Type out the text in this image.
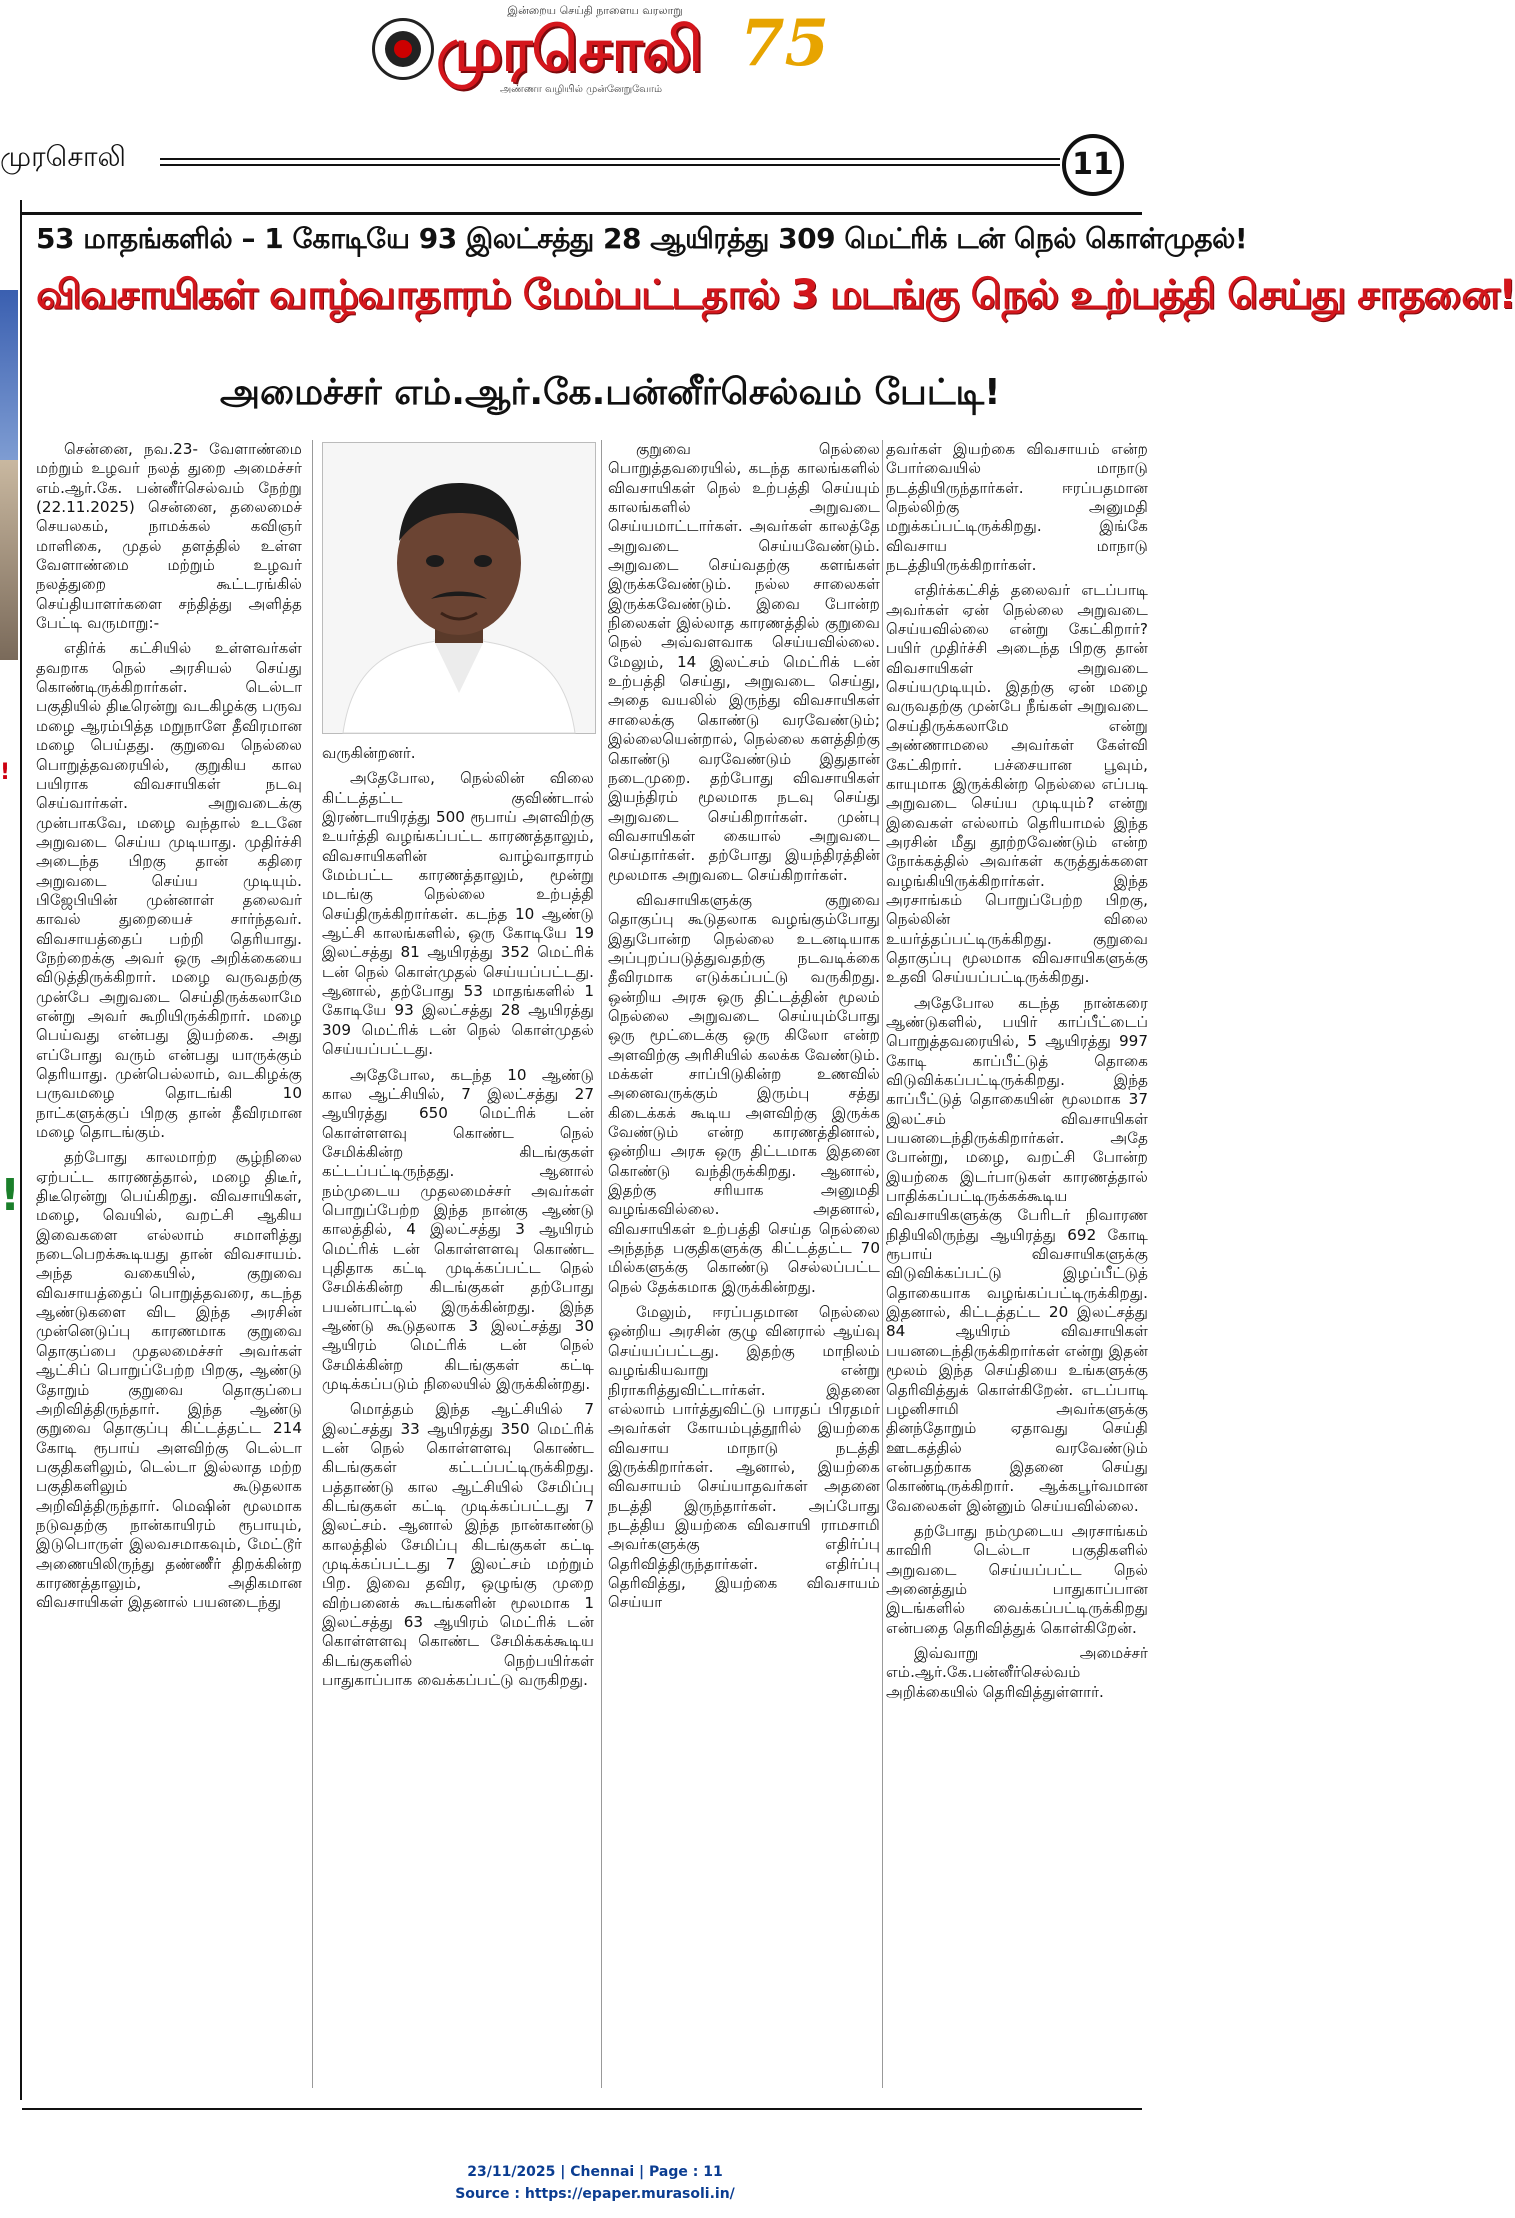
இன்றைய செய்தி நாளைய வரலாறு
முரசொலி
அண்ணா வழியில் முன்னேறுவோம்
75
முரசொலி	11
!
!
53 மாதங்களில் – 1 கோடியே 93 இலட்சத்து 28 ஆயிரத்து 309 மெட்ரிக் டன் நெல் கொள்முதல்!
விவசாயிகள் வாழ்வாதாரம் மேம்பட்டதால் 3 மடங்கு நெல் உற்பத்தி செய்து சாதனை!
அமைச்சர் எம்.ஆர்.கே.பன்னீர்செல்வம் பேட்டி!

சென்னை, நவ.23- வேளாண்மை மற்றும் உழவர் நலத் துறை அமைச்சர் எம்.ஆர்.கே. பன்னீர்செல்வம் நேற்று (22.11.2025) சென்னை, தலைமைச் செயலகம், நாமக்கல் கவிஞர் மாளிகை, முதல் தளத்தில் உள்ள வேளாண்மை மற்றும் உழவர் நலத்துறை கூட்டரங்கில் செய்தியாளர்களை சந்தித்து அளித்த பேட்டி வருமாறு:-

எதிர்க் கட்சியில் உள்ளவர்கள் தவறாக நெல் அரசியல் செய்து கொண்டிருக்கிறார்கள். டெல்டா பகுதியில் திடீரென்று வடகிழக்கு பருவ மழை ஆரம்பித்த மறுநாளே தீவிரமான மழை பெய்தது. குறுவை நெல்லை பொறுத்தவரையில், குறுகிய கால பயிராக விவசாயிகள் நடவு செய்வார்கள். அறுவடைக்கு முன்பாகவே, மழை வந்தால் உடனே அறுவடை செய்ய முடியாது. முதிர்ச்சி அடைந்த பிறகு தான் கதிரை அறுவடை செய்ய முடியும். பிஜேபியின் முன்னாள் தலைவர் காவல் துறையைச் சார்ந்தவர். விவசாயத்தைப் பற்றி தெரியாது. நேற்றைக்கு அவர் ஒரு அறிக்கையை விடுத்திருக்கிறார். மழை வருவதற்கு முன்பே அறுவடை செய்திருக்கலாமே என்று அவர் கூறியிருக்கிறார். மழை பெய்வது என்பது இயற்கை. அது எப்போது வரும் என்பது யாருக்கும் தெரியாது. முன்பெல்லாம், வடகிழக்கு பருவமழை தொடங்கி 10 நாட்களுக்குப் பிறகு தான் தீவிரமான மழை தொடங்கும்.

தற்போது காலமாற்ற சூழ்நிலை ஏற்பட்ட காரணத்தால், மழை திடீர், திடீரென்று பெய்கிறது. விவசாயிகள், மழை, வெயில், வறட்சி ஆகிய இவைகளை எல்லாம் சமாளித்து நடைபெறக்கூடியது தான் விவசாயம். அந்த வகையில், குறுவை விவசாயத்தைப் பொறுத்தவரை, கடந்த ஆண்டுகளை விட இந்த அரசின் முன்னெடுப்பு காரணமாக குறுவை தொகுப்பை முதலமைச்சர் அவர்கள் ஆட்சிப் பொறுப்பேற்ற பிறகு, ஆண்டு தோறும் குறுவை தொகுப்பை அறிவித்திருந்தார். இந்த ஆண்டு குறுவை தொகுப்பு கிட்டத்தட்ட 214 கோடி ரூபாய் அளவிற்கு டெல்டா பகுதிகளிலும், டெல்டா இல்லாத மற்ற பகுதிகளிலும் கூடுதலாக அறிவித்திருந்தார். மெஷின் மூலமாக நடுவதற்கு நான்காயிரம் ரூபாயும், இடுபொருள் இலவசமாகவும், மேட்டூர் அணையிலிருந்து தண்ணீர் திறக்கின்ற காரணத்தாலும், அதிகமான விவசாயிகள் இதனால் பயனடைந்து

வருகின்றனர்.

அதேபோல, நெல்லின் விலை கிட்டத்தட்ட குவிண்டால் இரண்டாயிரத்து 500 ரூபாய் அளவிற்கு உயர்த்தி வழங்கப்பட்ட காரணத்தாலும், விவசாயிகளின் வாழ்வாதாரம் மேம்பட்ட காரணத்தாலும், மூன்று மடங்கு நெல்லை உற்பத்தி செய்திருக்கிறார்கள். கடந்த 10 ஆண்டு ஆட்சி காலங்களில், ஒரு கோடியே 19 இலட்சத்து 81 ஆயிரத்து 352 மெட்ரிக் டன் நெல் கொள்முதல் செய்யப்பட்டது. ஆனால், தற்போது 53 மாதங்களில் 1 கோடியே 93 இலட்சத்து 28 ஆயிரத்து 309 மெட்ரிக் டன் நெல் கொள்முதல் செய்யப்பட்டது.

அதேபோல, கடந்த 10 ஆண்டு கால ஆட்சியில், 7 இலட்சத்து 27 ஆயிரத்து 650 மெட்ரிக் டன் கொள்ளளவு கொண்ட நெல் சேமிக்கின்ற கிடங்குகள் கட்டப்பட்டிருந்தது. ஆனால் நம்முடைய முதலமைச்சர் அவர்கள் பொறுப்பேற்ற இந்த நான்கு ஆண்டு காலத்தில், 4 இலட்சத்து 3 ஆயிரம் மெட்ரிக் டன் கொள்ளளவு கொண்ட புதிதாக கட்டி முடிக்கப்பட்ட நெல் சேமிக்கின்ற கிடங்குகள் தற்போது பயன்பாட்டில் இருக்கின்றது. இந்த ஆண்டு கூடுதலாக 3 இலட்சத்து 30 ஆயிரம் மெட்ரிக் டன் நெல் சேமிக்கின்ற கிடங்குகள் கட்டி முடிக்கப்படும் நிலையில் இருக்கின்றது.

மொத்தம் இந்த ஆட்சியில் 7 இலட்சத்து 33 ஆயிரத்து 350 மெட்ரிக் டன் நெல் கொள்ளளவு கொண்ட கிடங்குகள் கட்டப்பட்டிருக்கிறது. பத்தாண்டு கால ஆட்சியில் சேமிப்பு கிடங்குகள் கட்டி முடிக்கப்பட்டது 7 இலட்சம். ஆனால் இந்த நான்காண்டு காலத்தில் சேமிப்பு கிடங்குகள் கட்டி முடிக்கப்பட்டது 7 இலட்சம் மற்றும் பிற. இவை தவிர, ஒழுங்கு முறை விற்பனைக் கூடங்களின் மூலமாக 1 இலட்சத்து 63 ஆயிரம் மெட்ரிக் டன் கொள்ளளவு கொண்ட சேமிக்கக்கூடிய கிடங்குகளில் நெற்பயிர்கள் பாதுகாப்பாக வைக்கப்பட்டு வருகிறது.

குறுவை நெல்லை பொறுத்தவரையில், கடந்த காலங்களில் விவசாயிகள் நெல் உற்பத்தி செய்யும் காலங்களில் அறுவடை செய்யமாட்டார்கள். அவர்கள் காலத்தே அறுவடை செய்யவேண்டும். அறுவடை செய்வதற்கு களங்கள் இருக்கவேண்டும். நல்ல சாலைகள் இருக்கவேண்டும். இவை போன்ற நிலைகள் இல்லாத காரணத்தில் குறுவை நெல் அவ்வளவாக செய்யவில்லை. மேலும், 14 இலட்சம் மெட்ரிக் டன் உற்பத்தி செய்து, அறுவடை செய்து, அதை வயலில் இருந்து விவசாயிகள் சாலைக்கு கொண்டு வரவேண்டும்; இல்லையென்றால், நெல்லை களத்திற்கு கொண்டு வரவேண்டும் இதுதான் நடைமுறை. தற்போது விவசாயிகள் இயந்திரம் மூலமாக நடவு செய்து அறுவடை செய்கிறார்கள். முன்பு விவசாயிகள் கையால் அறுவடை செய்தார்கள். தற்போது இயந்திரத்தின் மூலமாக அறுவடை செய்கிறார்கள்.

விவசாயிகளுக்கு குறுவை தொகுப்பு கூடுதலாக வழங்கும்போது இதுபோன்ற நெல்லை உடனடியாக அப்புறப்படுத்துவதற்கு நடவடிக்கை தீவிரமாக எடுக்கப்பட்டு வருகிறது. ஒன்றிய அரசு ஒரு திட்டத்தின் மூலம் நெல்லை அறுவடை செய்யும்போது ஒரு மூட்டைக்கு ஒரு கிலோ என்ற அளவிற்கு அரிசியில் கலக்க வேண்டும். மக்கள் சாப்பிடுகின்ற உணவில் அனைவருக்கும் இரும்பு சத்து கிடைக்கக் கூடிய அளவிற்கு இருக்க வேண்டும் என்ற காரணத்தினால், ஒன்றிய அரசு ஒரு திட்டமாக இதனை கொண்டு வந்திருக்கிறது. ஆனால், இதற்கு சரியாக அனுமதி வழங்கவில்லை. அதனால், விவசாயிகள் உற்பத்தி செய்த நெல்லை அந்தந்த பகுதிகளுக்கு கிட்டத்தட்ட 70 மில்களுக்கு கொண்டு செல்லப்பட்ட நெல் தேக்கமாக இருக்கின்றது.

மேலும், ஈரப்பதமான நெல்லை ஒன்றிய அரசின் குழு வினரால் ஆய்வு செய்யப்பட்டது. இதற்கு மாநிலம் வழங்கியவாறு என்று நிராகரித்துவிட்டார்கள். இதனை எல்லாம் பார்த்துவிட்டு பாரதப் பிரதமர் அவர்கள் கோயம்புத்தூரில் இயற்கை விவசாய மாநாடு நடத்தி இருக்கிறார்கள். ஆனால், இயற்கை விவசாயம் செய்யாதவர்கள் அதனை நடத்தி இருந்தார்கள். அப்போது நடத்திய இயற்கை விவசாயி ராமசாமி அவர்களுக்கு எதிர்ப்பு தெரிவித்திருந்தார்கள். எதிர்ப்பு தெரிவித்து, இயற்கை விவசாயம் செய்யா

தவர்கள் இயற்கை விவசாயம் என்ற போர்வையில் மாநாடு நடத்தியிருந்தார்கள். ஈரப்பதமான நெல்லிற்கு அனுமதி மறுக்கப்பட்டிருக்கிறது. இங்கே விவசாய மாநாடு நடத்தியிருக்கிறார்கள்.

எதிர்க்கட்சித் தலைவர் எடப்பாடி அவர்கள் ஏன் நெல்லை அறுவடை செய்யவில்லை என்று கேட்கிறார்? பயிர் முதிர்ச்சி அடைந்த பிறகு தான் விவசாயிகள் அறுவடை செய்யமுடியும். இதற்கு ஏன் மழை வருவதற்கு முன்பே நீங்கள் அறுவடை செய்திருக்கலாமே என்று அண்ணாமலை அவர்கள் கேள்வி கேட்கிறார். பச்சையான பூவும், காயுமாக இருக்கின்ற நெல்லை எப்படி அறுவடை செய்ய முடியும்? என்று இவைகள் எல்லாம் தெரியாமல் இந்த அரசின் மீது தூற்றவேண்டும் என்ற நோக்கத்தில் அவர்கள் கருத்துக்களை வழங்கியிருக்கிறார்கள். இந்த அரசாங்கம் பொறுப்பேற்ற பிறகு, நெல்லின் விலை உயர்த்தப்பட்டிருக்கிறது. குறுவை தொகுப்பு மூலமாக விவசாயிகளுக்கு உதவி செய்யப்பட்டிருக்கிறது.

அதேபோல கடந்த நான்கரை ஆண்டுகளில், பயிர் காப்பீட்டைப் பொறுத்தவரையில், 5 ஆயிரத்து 997 கோடி காப்பீட்டுத் தொகை விடுவிக்கப்பட்டிருக்கிறது. இந்த காப்பீட்டுத் தொகையின் மூலமாக 37 இலட்சம் விவசாயிகள் பயனடைந்திருக்கிறார்கள். அதே போன்று, மழை, வறட்சி போன்ற இயற்கை இடர்பாடுகள் காரணத்தால் பாதிக்கப்பட்டிருக்கக்கூடிய விவசாயிகளுக்கு பேரிடர் நிவாரண நிதியிலிருந்து ஆயிரத்து 692 கோடி ரூபாய் விவசாயிகளுக்கு விடுவிக்கப்பட்டு இழப்பீட்டுத் தொகையாக வழங்கப்பட்டிருக்கிறது. இதனால், கிட்டத்தட்ட 20 இலட்சத்து 84 ஆயிரம் விவசாயிகள் பயனடைந்திருக்கிறார்கள் என்று இதன் மூலம் இந்த செய்தியை உங்களுக்கு தெரிவித்துக் கொள்கிறேன். எடப்பாடி பழனிசாமி அவர்களுக்கு தினந்தோறும் ஏதாவது செய்தி ஊடகத்தில் வரவேண்டும் என்பதற்காக இதனை செய்து கொண்டிருக்கிறார். ஆக்கபூர்வமான வேலைகள் இன்னும் செய்யவில்லை.

தற்போது நம்முடைய அரசாங்கம் காவிரி டெல்டா பகுதிகளில் அறுவடை செய்யப்பட்ட நெல் அனைத்தும் பாதுகாப்பான இடங்களில் வைக்கப்பட்டிருக்கிறது என்பதை தெரிவித்துக் கொள்கிறேன்.

இவ்வாறு அமைச்சர் எம்.ஆர்.கே.பன்னீர்செல்வம் அறிக்கையில் தெரிவித்துள்ளார்.

23/11/2025 | Chennai | Page : 11
Source : https://epaper.murasoli.in/
